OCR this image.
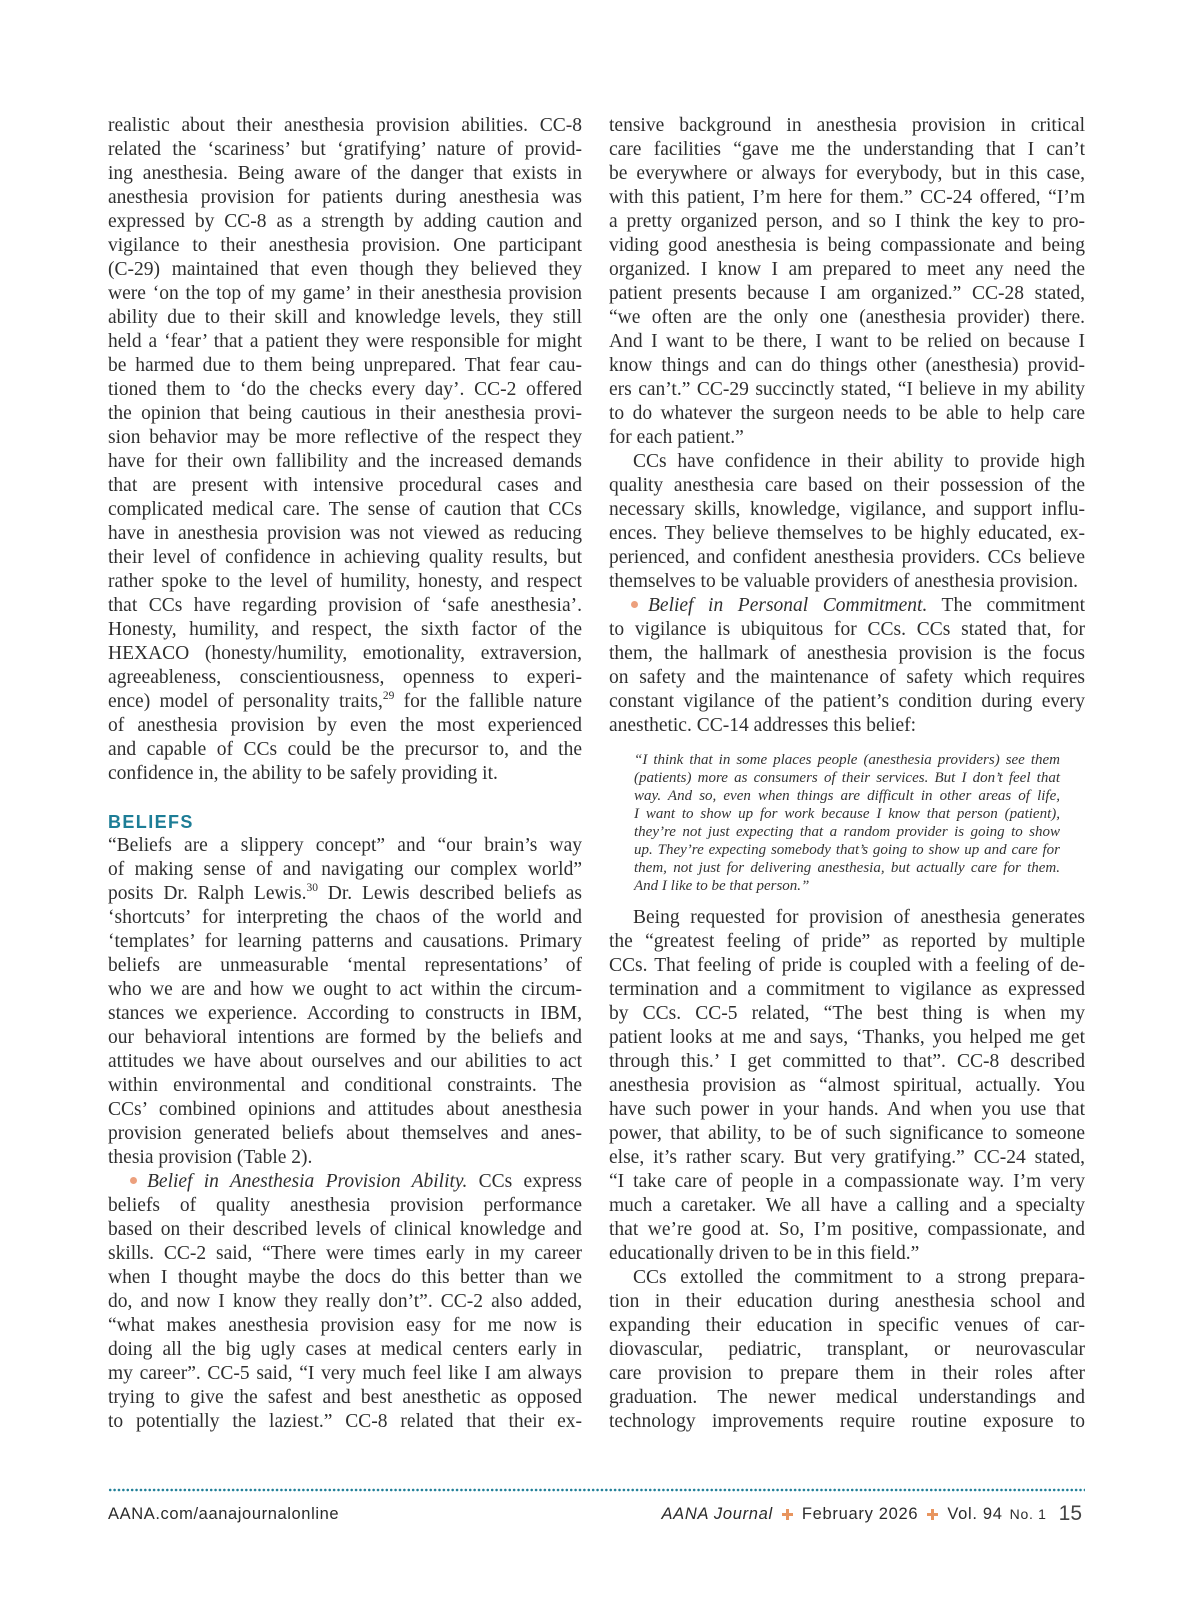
realistic about their anesthesia provision abilities. CC-8
related the ‘scariness’ but ‘gratifying’ nature of provid-
ing anesthesia. Being aware of the danger that exists in
anesthesia provision for patients during anesthesia was
expressed by CC-8 as a strength by adding caution and
vigilance to their anesthesia provision. One participant
(C-29) maintained that even though they believed they
were ‘on the top of my game’ in their anesthesia provision
ability due to their skill and knowledge levels, they still
held a ‘fear’ that a patient they were responsible for might
be harmed due to them being unprepared. That fear cau-
tioned them to ‘do the checks every day’. CC-2 offered
the opinion that being cautious in their anesthesia provi-
sion behavior may be more reflective of the respect they
have for their own fallibility and the increased demands
that are present with intensive procedural cases and
complicated medical care. The sense of caution that CCs
have in anesthesia provision was not viewed as reducing
their level of confidence in achieving quality results, but
rather spoke to the level of humility, honesty, and respect
that CCs have regarding provision of ‘safe anesthesia’.
Honesty, humility, and respect, the sixth factor of the
HEXACO (honesty/humility, emotionality, extraversion,
agreeableness, conscientiousness, openness to experi-
ence) model of personality traits,$^{29}$ for the fallible nature
of anesthesia provision by even the most experienced
and capable of CCs could be the precursor to, and the
confidence in, the ability to be safely providing it.
BELIEFS
“Beliefs are a slippery concept” and “our brain’s way
of making sense of and navigating our complex world”
posits Dr. Ralph Lewis.$^{30}$ Dr. Lewis described beliefs as
‘shortcuts’ for interpreting the chaos of the world and
‘templates’ for learning patterns and causations. Primary
beliefs are unmeasurable ‘mental representations’ of
who we are and how we ought to act within the circum-
stances we experience. According to constructs in IBM,
our behavioral intentions are formed by the beliefs and
attitudes we have about ourselves and our abilities to act
within environmental and conditional constraints. The
CCs’ combined opinions and attitudes about anesthesia
provision generated beliefs about themselves and anes-
thesia provision (Table 2).
Belief in Anesthesia Provision Ability. CCs express
beliefs of quality anesthesia provision performance
based on their described levels of clinical knowledge and
skills. CC-2 said, “There were times early in my career
when I thought maybe the docs do this better than we
do, and now I know they really don’t”. CC-2 also added,
“what makes anesthesia provision easy for me now is
doing all the big ugly cases at medical centers early in
my career”. CC-5 said, “I very much feel like I am always
trying to give the safest and best anesthetic as opposed
to potentially the laziest.” CC-8 related that their ex-
tensive background in anesthesia provision in critical
care facilities “gave me the understanding that I can’t
be everywhere or always for everybody, but in this case,
with this patient, I’m here for them.” CC-24 offered, “I’m
a pretty organized person, and so I think the key to pro-
viding good anesthesia is being compassionate and being
organized. I know I am prepared to meet any need the
patient presents because I am organized.” CC-28 stated,
“we often are the only one (anesthesia provider) there.
And I want to be there, I want to be relied on because I
know things and can do things other (anesthesia) provid-
ers can’t.” CC-29 succinctly stated, “I believe in my ability
to do whatever the surgeon needs to be able to help care
for each patient.”
CCs have confidence in their ability to provide high
quality anesthesia care based on their possession of the
necessary skills, knowledge, vigilance, and support influ-
ences. They believe themselves to be highly educated, ex-
perienced, and confident anesthesia providers. CCs believe
themselves to be valuable providers of anesthesia provision.
Belief in Personal Commitment. The commitment
to vigilance is ubiquitous for CCs. CCs stated that, for
them, the hallmark of anesthesia provision is the focus
on safety and the maintenance of safety which requires
constant vigilance of the patient’s condition during every
anesthetic. CC-14 addresses this belief:
“I think that in some places people (anesthesia providers) see them
(patients) more as consumers of their services. But I don’t feel that
way. And so, even when things are difficult in other areas of life,
I want to show up for work because I know that person (patient),
they’re not just expecting that a random provider is going to show
up. They’re expecting somebody that’s going to show up and care for
them, not just for delivering anesthesia, but actually care for them.
And I like to be that person.”
Being requested for provision of anesthesia generates
the “greatest feeling of pride” as reported by multiple
CCs. That feeling of pride is coupled with a feeling of de-
termination and a commitment to vigilance as expressed
by CCs. CC-5 related, “The best thing is when my
patient looks at me and says, ‘Thanks, you helped me get
through this.’ I get committed to that”. CC-8 described
anesthesia provision as “almost spiritual, actually. You
have such power in your hands. And when you use that
power, that ability, to be of such significance to someone
else, it’s rather scary. But very gratifying.” CC-24 stated,
“I take care of people in a compassionate way. I’m very
much a caretaker. We all have a calling and a specialty
that we’re good at. So, I’m positive, compassionate, and
educationally driven to be in this field.”
CCs extolled the commitment to a strong prepara-
tion in their education during anesthesia school and
expanding their education in specific venues of car-
diovascular, pediatric, transplant, or neurovascular
care provision to prepare them in their roles after
graduation. The newer medical understandings and
technology improvements require routine exposure to
AANA.com/aanajournalonline	AANA Journal February 2026 Vol. 94 No. 1 15
